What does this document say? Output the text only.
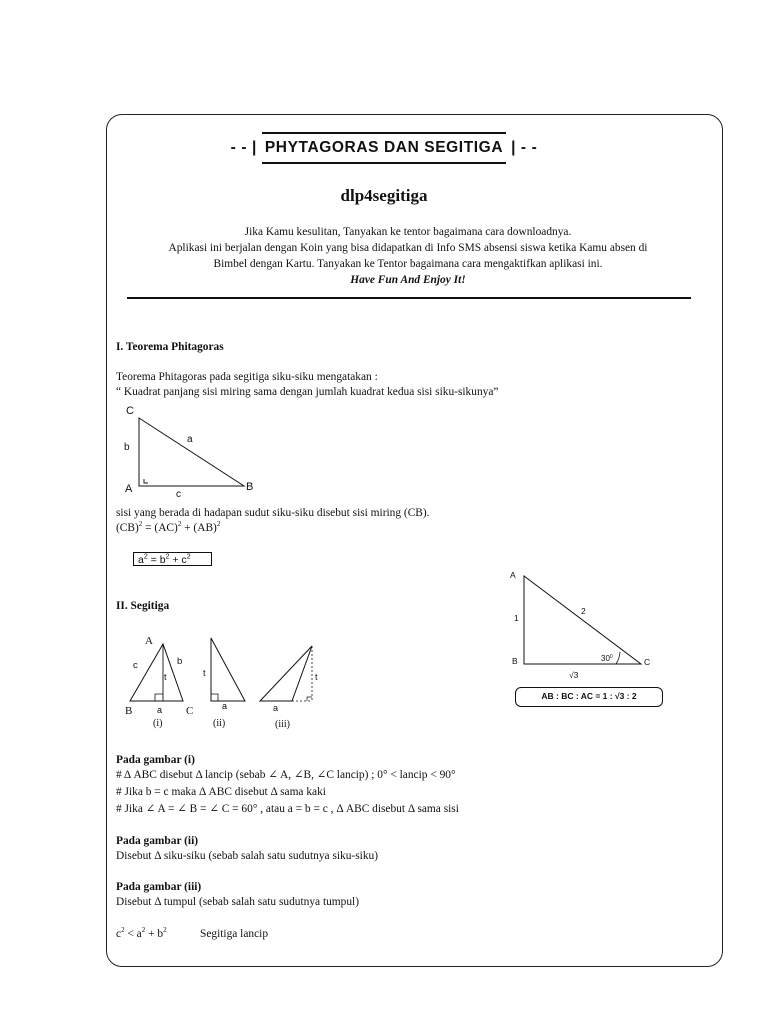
- - | PHYTAGORAS DAN SEGITIGA | - -
dlp4segitiga
Jika Kamu kesulitan, Tanyakan ke tentor bagaimana cara downloadnya.
Aplikasi ini berjalan dengan Koin yang bisa didapatkan di Info SMS absensi siswa ketika Kamu absen di
Bimbel dengan Kartu. Tanyakan ke Tentor bagaimana cara mengaktifkan aplikasi ini.
Have Fun And Enjoy It!
I. Teorema Phitagoras
Teorema Phitagoras pada segitiga siku-siku mengatakan :
“ Kuadrat panjang sisi miring sama dengan jumlah kuadrat kedua sisi siku-sikunya”
C
A	B
a
b
c
sisi yang berada di hadapan sudut siku-siku disebut sisi miring (CB).
(CB)$^2$ = (AC)$^2$ + (AB)$^2$
$a^2 = b^2 + c^2$
A
B	C
1
2
√3
$30^0$
AB : BC : AC = 1 : √3 : 2
II. Segitiga
A
B	C
c	b
t
a
(i)
t
a
(ii)
t
a
(iii)
Pada gambar (i)
# Δ ABC disebut Δ lancip (sebab ∠ A, ∠B, ∠C lancip) ; 0° < lancip < 90°
# Jika b = c maka Δ ABC disebut Δ sama kaki
# Jika ∠ A = ∠ B = ∠ C = 60° , atau a = b = c , Δ ABC disebut Δ sama sisi
Pada gambar (ii)
Disebut Δ siku-siku (sebab salah satu sudutnya siku-siku)
Pada gambar (iii)
Disebut Δ tumpul (sebab salah satu sudutnya tumpul)
$c^2 < a^2 + b^2$	Segitiga lancip
